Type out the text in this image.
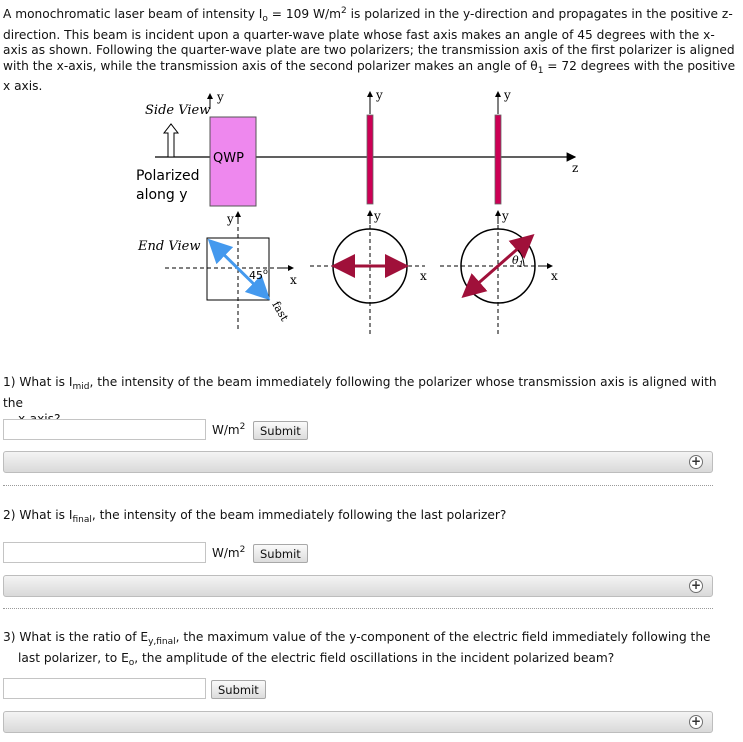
A monochromatic laser beam of intensity $I_o = 109$ $W/m^2$ is polarized in the y-direction and propagates in the positive z-direction. This beam is incident upon a quarter-wave plate whose fast axis makes an angle of 45 degrees with the x-axis as shown. Following the quarter-wave plate are two polarizers; the transmission axis of the first polarizer is aligned with the x-axis, while the transmission axis of the second polarizer makes an angle of $\theta_1 = 72$ degrees with the positive x axis.
Side View
z
Polarized
along y
y
QWP
y	y
End View
y
x
45$^o$
fast
y
x
y
x
$\theta_1$
1) What is $I_{mid}$, the intensity of the beam immediately following the polarizer whose transmission axis is aligned with the
$W/m^2$	Submit
+
2) What is $I_{final}$, the intensity of the beam immediately following the last polarizer?
$W/m^2$	Submit
+
3) What is the ratio of $E_{y,final}$, the maximum value of the y-component of the electric field immediately following the
last polarizer, to $E_o$, the amplitude of the electric field oscillations in the incident polarized beam?
Submit
+
